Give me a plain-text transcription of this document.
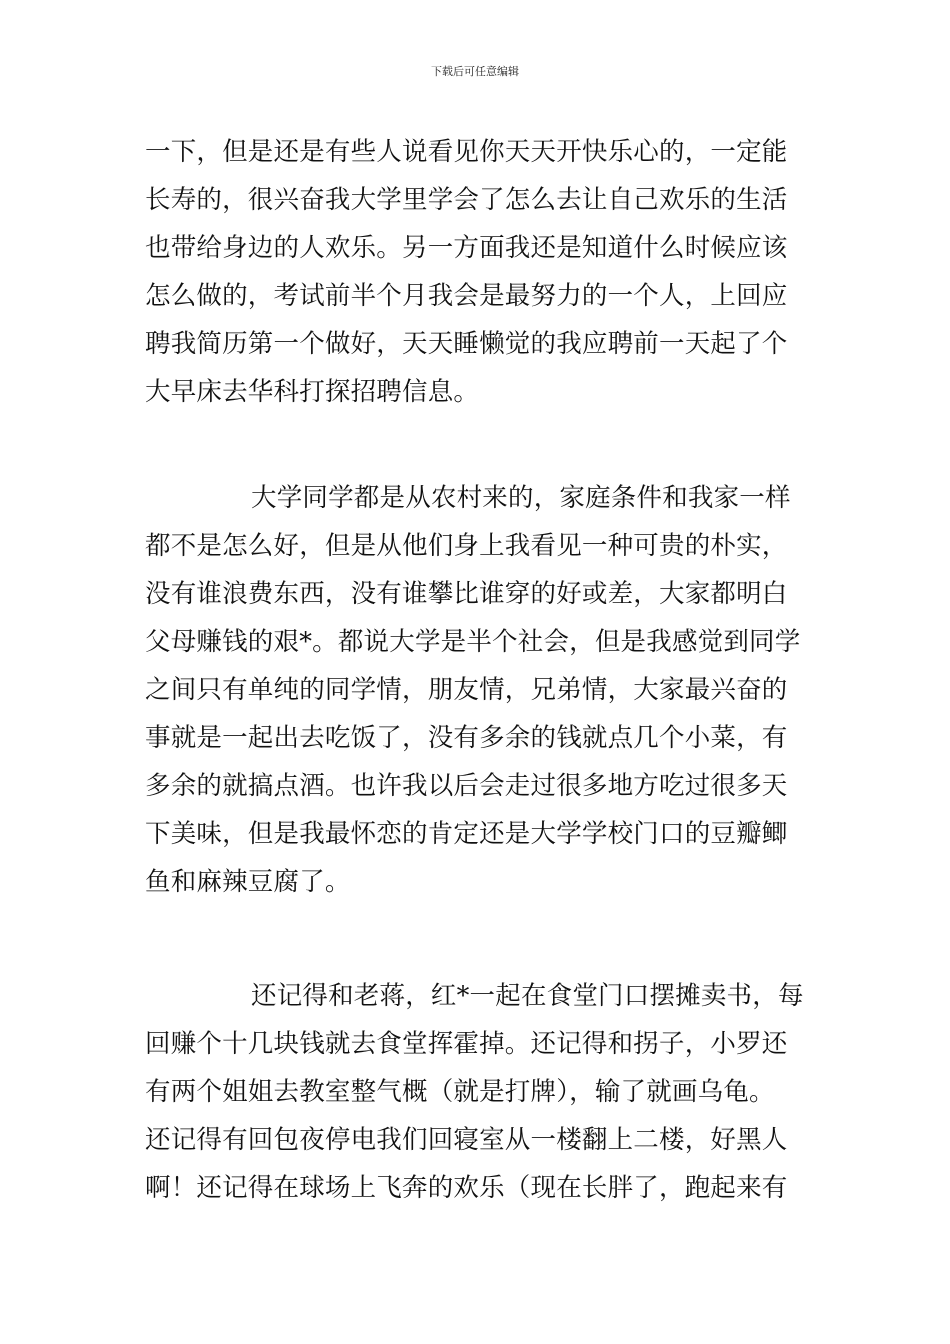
下载后可任意编辑
一下，但是还是有些人说看见你天天开快乐心的，一定能
长寿的，很兴奋我大学里学会了怎么去让自己欢乐的生活
也带给身边的人欢乐。另一方面我还是知道什么时候应该
怎么做的，考试前半个月我会是最努力的一个人，上回应
聘我简历第一个做好，天天睡懒觉的我应聘前一天起了个
大早床去华科打探招聘信息。
大学同学都是从农村来的，家庭条件和我家一样
都不是怎么好，但是从他们身上我看见一种可贵的朴实，
没有谁浪费东西，没有谁攀比谁穿的好或差，大家都明白
父母赚钱的艰*。都说大学是半个社会，但是我感觉到同学
之间只有单纯的同学情，朋友情，兄弟情，大家最兴奋的
事就是一起出去吃饭了，没有多余的钱就点几个小菜，有
多余的就搞点酒。也许我以后会走过很多地方吃过很多天
下美味，但是我最怀恋的肯定还是大学学校门口的豆瓣鲫
鱼和麻辣豆腐了。
还记得和老蒋，红*一起在食堂门口摆摊卖书，每
回赚个十几块钱就去食堂挥霍掉。还记得和拐子，小罗还
有两个姐姐去教室整气概（就是打牌），输了就画乌龟。
还记得有回包夜停电我们回寝室从一楼翻上二楼，好黑人
啊！还记得在球场上飞奔的欢乐（现在长胖了，跑起来有
